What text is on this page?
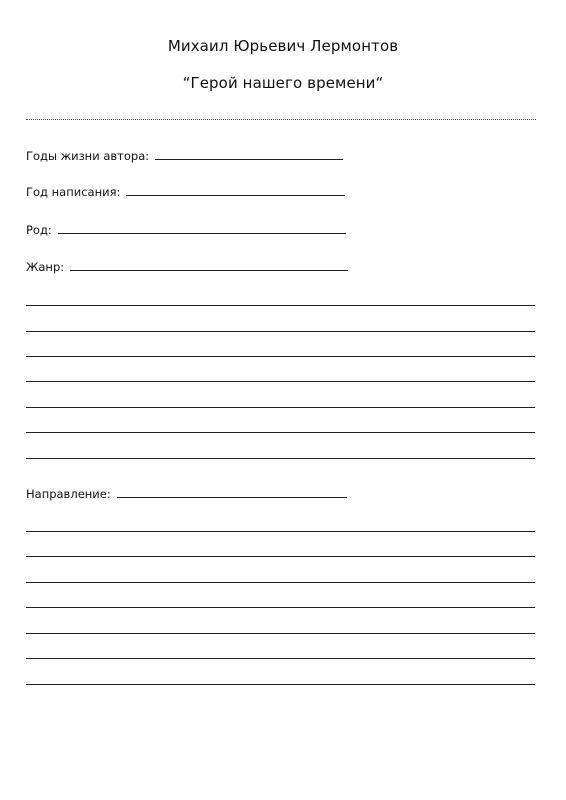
Михаил Юрьевич Лермонтов
“Герой нашего времени“
Годы жизни автора:
Год написания:
Род:
Жанр:
Направление:
